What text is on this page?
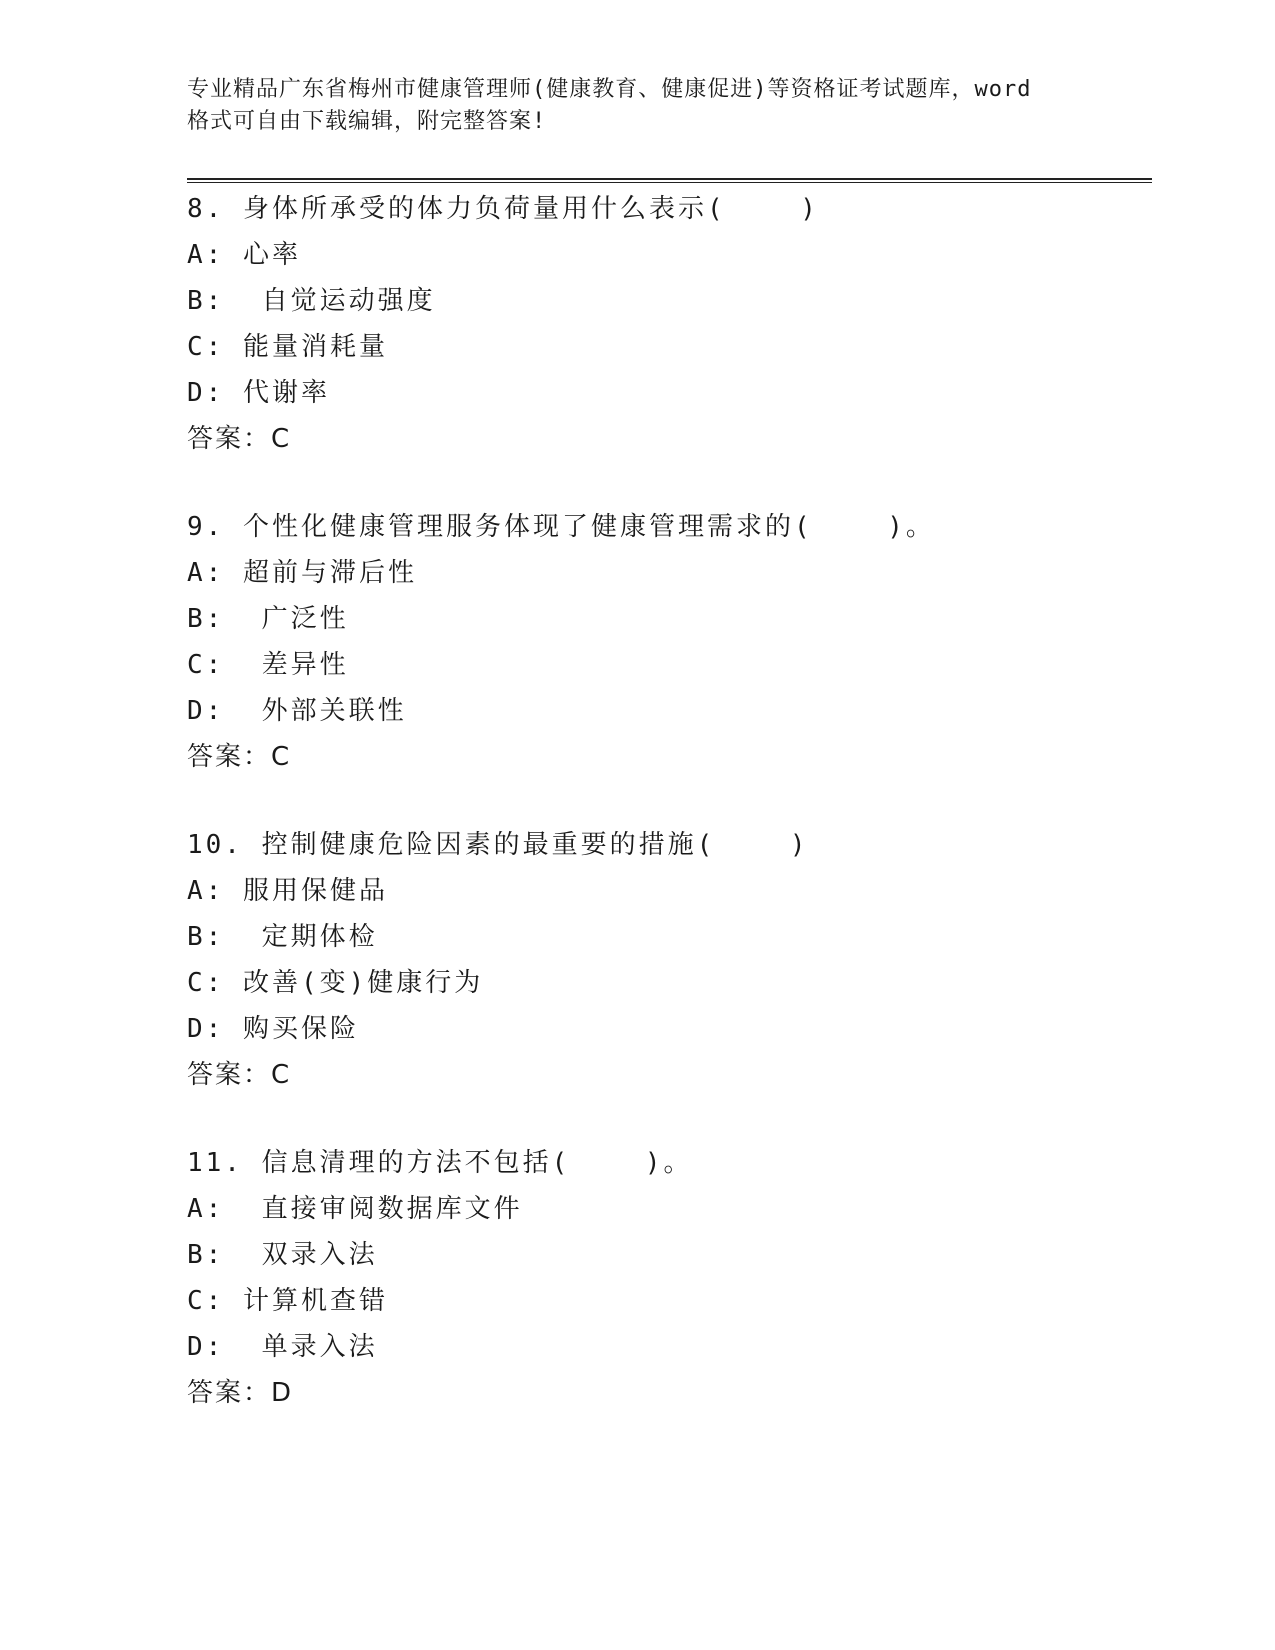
专业精品广东省梅州市健康管理师(健康教育、健康促进)等资格证考试题库，word
格式可自由下载编辑，附完整答案!
8. 身体所承受的体力负荷量用什么表示(    )
A: 心率
B:  自觉运动强度
C: 能量消耗量
D: 代谢率
答案：C
9. 个性化健康管理服务体现了健康管理需求的(    )。
A: 超前与滞后性
B:  广泛性
C:  差异性
D:  外部关联性
答案：C
10. 控制健康危险因素的最重要的措施(    )
A: 服用保健品
B:  定期体检
C: 改善(变)健康行为
D: 购买保险
答案：C
11. 信息清理的方法不包括(    )。
A:  直接审阅数据库文件
B:  双录入法
C: 计算机查错
D:  单录入法
答案：D
